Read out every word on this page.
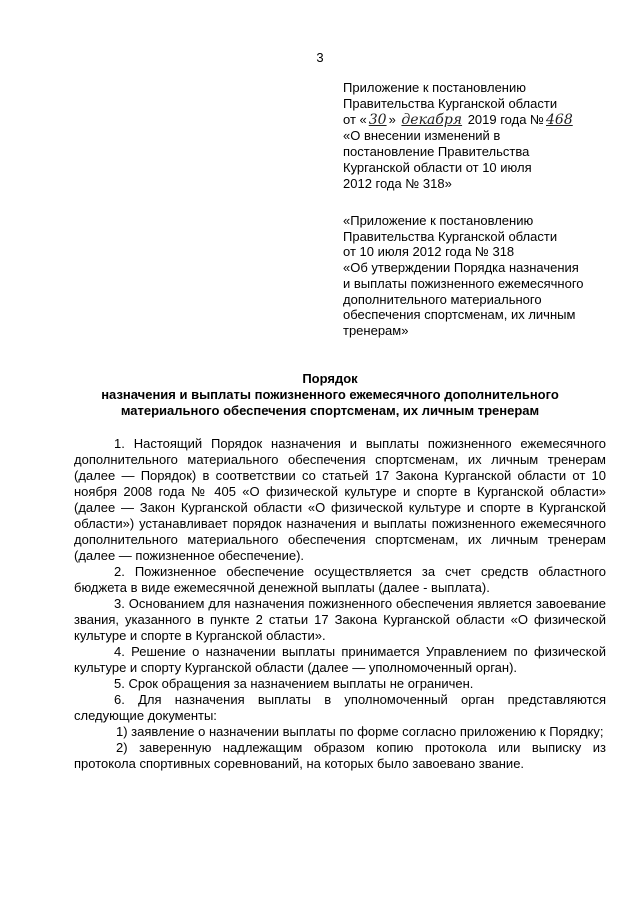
3
Приложение к постановлению
Правительства Курганской области
от « 30 » декабря 2019 года № 468
«О внесении изменений в
постановление Правительства
Курганской области от 10 июля
2012 года № 318»
«Приложение к постановлению
Правительства Курганской области
от 10 июля 2012 года № 318
«Об утверждении Порядка назначения
и выплаты пожизненного ежемесячного
дополнительного материального
обеспечения спортсменам, их личным
тренерам»
Порядок
назначения и выплаты пожизненного ежемесячного дополнительного
материального обеспечения спортсменам, их личным тренерам

1. Настоящий Порядок назначения и выплаты пожизненного ежемесячного дополнительного материального обеспечения спортсменам, их личным тренерам (далее — Порядок) в соответствии со статьей 17 Закона Курганской области от 10 ноября 2008 года № 405 «О физической культуре и спорте в Курганской области» (далее — Закон Курганской области «О физической культуре и спорте в Курганской области») устанавливает порядок назначения и выплаты пожизненного ежемесячного дополнительного материального обеспечения спортсменам, их личным тренерам (далее — пожизненное обеспечение).

2. Пожизненное обеспечение осуществляется за счет средств областного бюджета в виде ежемесячной денежной выплаты (далее - выплата).

3. Основанием для назначения пожизненного обеспечения является завоевание звания, указанного в пункте 2 статьи 17 Закона Курганской области «О физической культуре и спорте в Курганской области».

4. Решение о назначении выплаты принимается Управлением по физической культуре и спорту Курганской области (далее — уполномоченный орган).

5. Срок обращения за назначением выплаты не ограничен.

6. Для назначения выплаты в уполномоченный орган представляются следующие документы:

1) заявление о назначении выплаты по форме согласно приложению к Порядку;

2) заверенную надлежащим образом копию протокола или выписку из протокола спортивных соревнований, на которых было завоевано звание.
